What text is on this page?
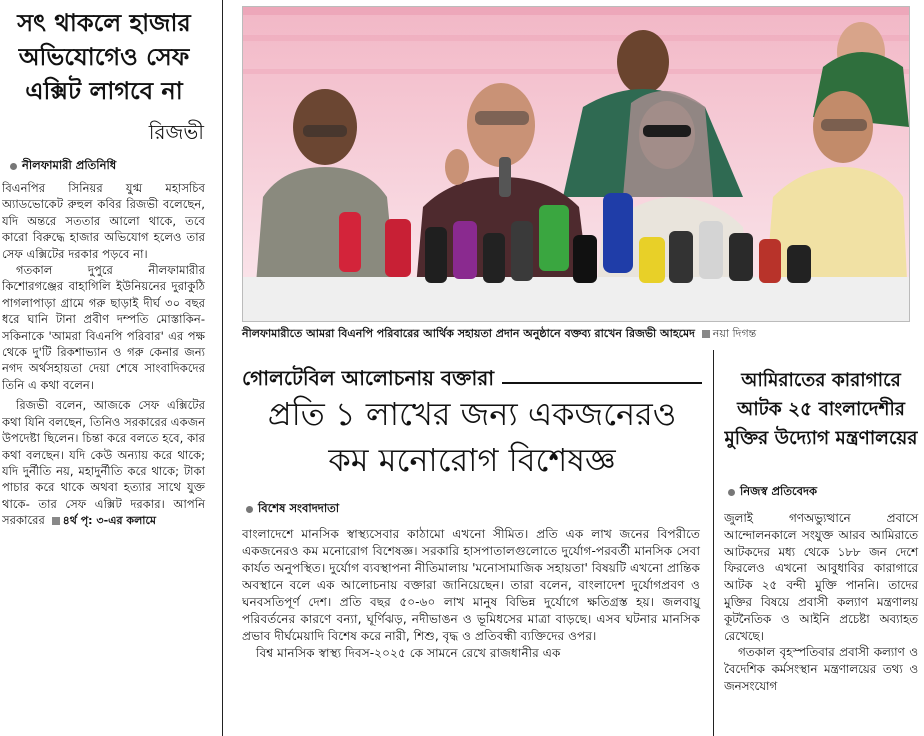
সৎ থাকলে হাজার অভিযোগেও সেফ এক্সিট লাগবে না
রিজভী
নীলফামারী প্রতিনিধি

বিএনপির সিনিয়র যুগ্ম মহাসচিব অ্যাডভোকেট রুহুল কবির রিজভী বলেছেন, যদি অন্তরে সততার আলো থাকে, তবে কারো বিরুদ্ধে হাজার অভিযোগ হলেও তার সেফ এক্সিটের দরকার পড়বে না।

গতকাল দুপুরে নীলফামারীর কিশোরগঞ্জের বাহাগিলি ইউনিয়নের দুরাকুঠি পাগলাপাড়া গ্রামে গরু ছাড়াই দীর্ঘ ৩০ বছর ধরে ঘানি টানা প্রবীণ দম্পতি মোস্তাকিন-সকিনাকে 'আমরা বিএনপি পরিবার' এর পক্ষ থেকে দু'টি রিকশাভ্যান ও গরু কেনার জন্য নগদ অর্থসহায়তা দেয়া শেষে সাংবাদিকদের তিনি এ কথা বলেন।

রিজভী বলেন, আজকে সেফ এক্সিটের কথা যিনি বলছেন, তিনিও সরকারের একজন উপদেষ্টা ছিলেন। চিন্তা করে বলতে হবে, কার কথা বলছেন। যদি কেউ অন্যায় করে থাকে; যদি দুর্নীতি নয়, মহাদুর্নীতি করে থাকে; টাকা পাচার করে থাকে অথবা হত্যার সাথে যুক্ত থাকে- তার সেফ এক্সিট দরকার। আপনি সরকারের ৪র্থ পৃ: ৩-এর কলামে

নীলফামারীতে আমরা বিএনপি পরিবারের আর্থিক সহায়তা প্রদান অনুষ্ঠানে বক্তব্য রাখেন রিজভী আহমেদ নয়া দিগন্ত
গোলটেবিল আলোচনায় বক্তারা
প্রতি ১ লাখের জন্য একজনেরও
কম মনোরোগ বিশেষজ্ঞ
বিশেষ সংবাদদাতা

বাংলাদেশে মানসিক স্বাস্থ্যসেবার কাঠামো এখনো সীমিত। প্রতি এক লাখ জনের বিপরীতে একজনেরও কম মনোরোগ বিশেষজ্ঞ। সরকারি হাসপাতালগুলোতে দুর্যোগ-পরবর্তী মানসিক সেবা কার্যত অনুপস্থিত। দুর্যোগ ব্যবস্থাপনা নীতিমালায় 'মনোসামাজিক সহায়তা' বিষয়টি এখনো প্রান্তিক অবস্থানে বলে এক আলোচনায় বক্তারা জানিয়েছেন। তারা বলেন, বাংলাদেশ দুর্যোগপ্রবণ ও ঘনবসতিপূর্ণ দেশ। প্রতি বছর ৫০-৬০ লাখ মানুষ বিভিন্ন দুর্যোগে ক্ষতিগ্রস্ত হয়। জলবায়ু পরিবর্তনের কারণে বন্যা, ঘূর্ণিঝড়, নদীভাঙন ও ভূমিধসের মাত্রা বাড়ছে। এসব ঘটনার মানসিক প্রভাব দীর্ঘমেয়াদি বিশেষ করে নারী, শিশু, বৃদ্ধ ও প্রতিবন্ধী ব্যক্তিদের ওপর।

বিশ্ব মানসিক স্বাস্থ্য দিবস-২০২৫ কে সামনে রেখে রাজধানীর এক

আমিরাতের কারাগারে আটক ২৫ বাংলাদেশীর মুক্তির উদ্যোগ মন্ত্রণালয়ের
নিজস্ব প্রতিবেদক

জুলাই গণঅভ্যুত্থানে প্রবাসে আন্দোলনকালে সংযুক্ত আরব আমিরাতে আটকদের মধ্য থেকে ১৮৮ জন দেশে ফিরলেও এখনো আবুধাবির কারাগারে আটক ২৫ বন্দী মুক্তি পাননি। তাদের মুক্তির বিষয়ে প্রবাসী কল্যাণ মন্ত্রণালয় কূটনৈতিক ও আইনি প্রচেষ্টা অব্যাহত রেখেছে।

গতকাল বৃহস্পতিবার প্রবাসী কল্যাণ ও বৈদেশিক কর্মসংস্থান মন্ত্রণালয়ের তথ্য ও জনসংযোগ
